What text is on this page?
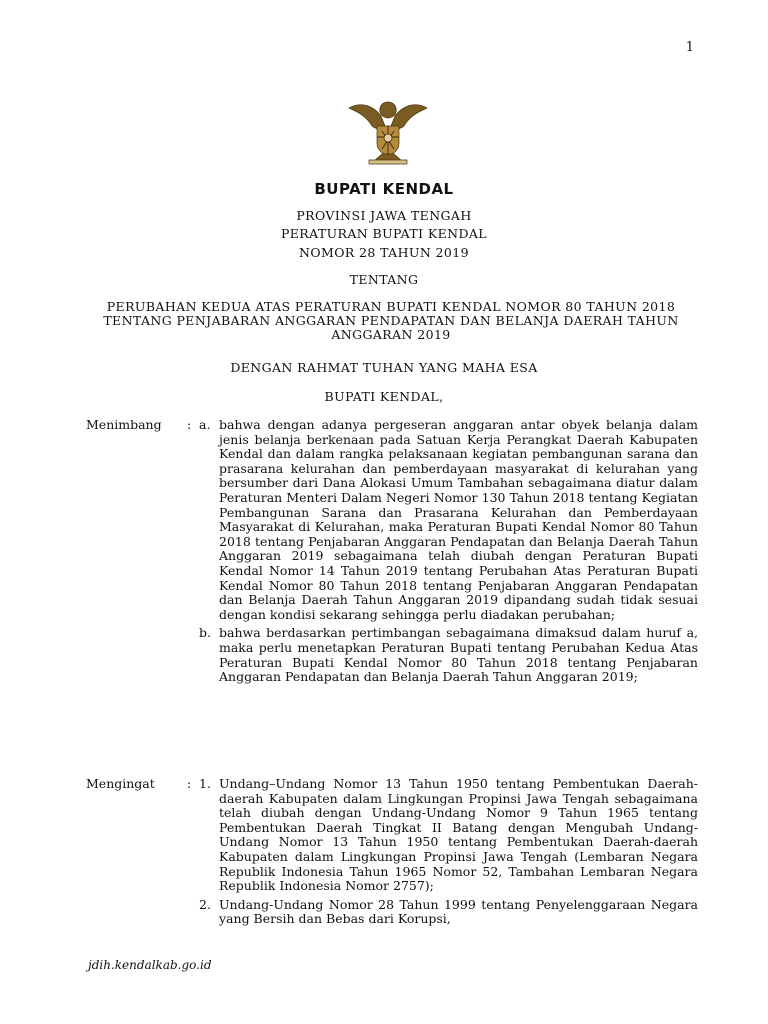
1
BUPATI KENDAL
PROVINSI JAWA TENGAH
PERATURAN BUPATI KENDAL
NOMOR 28 TAHUN 2019
TENTANG
PERUBAHAN KEDUA ATAS PERATURAN BUPATI KENDAL NOMOR 80 TAHUN 2018 TENTANG PENJABARAN ANGGARAN PENDAPATAN DAN BELANJA DAERAH TAHUN ANGGARAN 2019
DENGAN RAHMAT TUHAN YANG MAHA ESA
BUPATI KENDAL,
Menimbang	: a. bahwa dengan adanya pergeseran anggaran antar obyek belanja dalam jenis belanja berkenaan pada Satuan Kerja Perangkat Daerah Kabupaten Kendal dan dalam rangka pelaksanaan kegiatan pembangunan sarana dan prasarana kelurahan dan pemberdayaan masyarakat di kelurahan yang bersumber dari Dana Alokasi Umum Tambahan sebagaimana diatur dalam Peraturan Menteri Dalam Negeri Nomor 130 Tahun 2018 tentang Kegiatan Pembangunan Sarana dan Prasarana Kelurahan dan Pemberdayaan Masyarakat di Kelurahan, maka Peraturan Bupati Kendal Nomor 80 Tahun 2018 tentang Penjabaran Anggaran Pendapatan dan Belanja Daerah Tahun Anggaran 2019 sebagaimana telah diubah dengan Peraturan Bupati Kendal Nomor 14 Tahun 2019 tentang Perubahan Atas Peraturan Bupati Kendal Nomor 80 Tahun 2018 tentang Penjabaran Anggaran Pendapatan dan Belanja Daerah Tahun Anggaran 2019 dipandang sudah tidak sesuai dengan kondisi sekarang sehingga perlu diadakan perubahan;
b. bahwa berdasarkan pertimbangan sebagaimana dimaksud dalam huruf a, maka perlu menetapkan Peraturan Bupati tentang Perubahan Kedua Atas Peraturan Bupati Kendal Nomor 80 Tahun 2018 tentang Penjabaran Anggaran Pendapatan dan Belanja Daerah Tahun Anggaran 2019;
Mengingat	: 1. Undang–Undang Nomor 13 Tahun 1950 tentang Pembentukan Daerah-daerah Kabupaten dalam Lingkungan Propinsi Jawa Tengah sebagaimana telah diubah dengan Undang-Undang Nomor 9 Tahun 1965 tentang Pembentukan Daerah Tingkat II Batang dengan Mengubah Undang-Undang Nomor 13 Tahun 1950 tentang Pembentukan Daerah-daerah Kabupaten dalam Lingkungan Propinsi Jawa Tengah (Lembaran Negara Republik Indonesia Tahun 1965 Nomor 52, Tambahan Lembaran Negara Republik Indonesia Nomor 2757);
2. Undang-Undang Nomor 28 Tahun 1999 tentang Penyelenggaraan Negara yang Bersih dan Bebas dari Korupsi,
jdih.kendalkab.go.id
